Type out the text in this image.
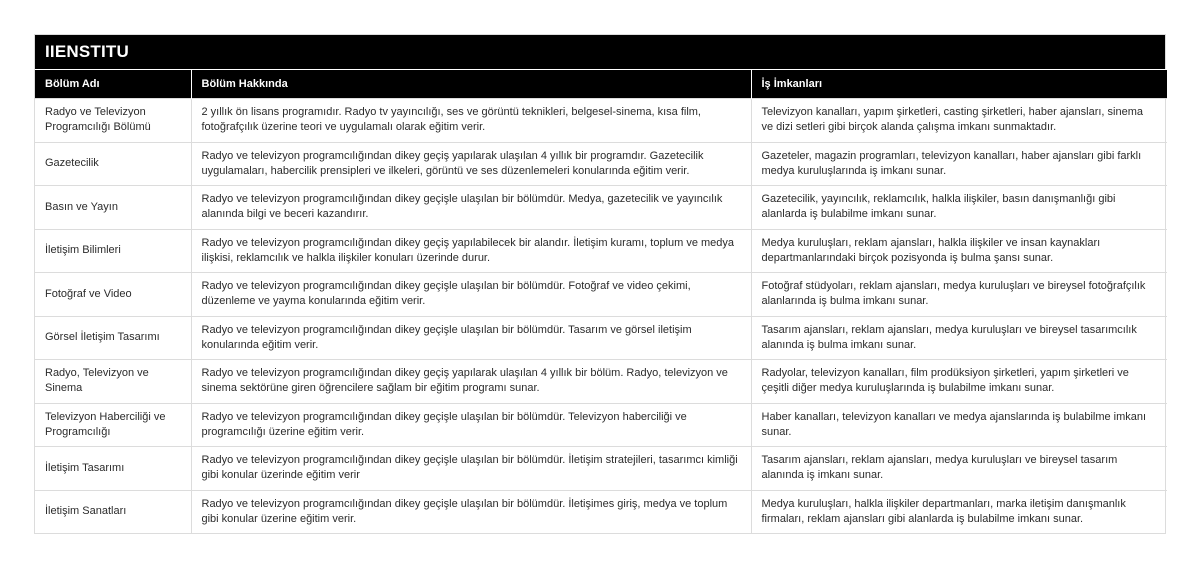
IIENSTITU
Bölüm Adı	Bölüm Hakkında	İş İmkanları
Radyo ve Televizyon Programcılığı Bölümü	2 yıllık ön lisans programıdır. Radyo tv yayıncılığı, ses ve görüntü teknikleri, belgesel-sinema, kısa film, fotoğrafçılık üzerine teori ve uygulamalı olarak eğitim verir.	Televizyon kanalları, yapım şirketleri, casting şirketleri, haber ajansları, sinema ve dizi setleri gibi birçok alanda çalışma imkanı sunmaktadır.
Gazetecilik	Radyo ve televizyon programcılığından dikey geçiş yapılarak ulaşılan 4 yıllık bir programdır. Gazetecilik uygulamaları, habercilik prensipleri ve ilkeleri, görüntü ve ses düzenlemeleri konularında eğitim verir.	Gazeteler, magazin programları, televizyon kanalları, haber ajansları gibi farklı medya kuruluşlarında iş imkanı sunar.
Basın ve Yayın	Radyo ve televizyon programcılığından dikey geçişle ulaşılan bir bölümdür. Medya, gazetecilik ve yayıncılık alanında bilgi ve beceri kazandırır.	Gazetecilik, yayıncılık, reklamcılık, halkla ilişkiler, basın danışmanlığı gibi alanlarda iş bulabilme imkanı sunar.
İletişim Bilimleri	Radyo ve televizyon programcılığından dikey geçiş yapılabilecek bir alandır. İletişim kuramı, toplum ve medya ilişkisi, reklamcılık ve halkla ilişkiler konuları üzerinde durur.	Medya kuruluşları, reklam ajansları, halkla ilişkiler ve insan kaynakları departmanlarındaki birçok pozisyonda iş bulma şansı sunar.
Fotoğraf ve Video	Radyo ve televizyon programcılığından dikey geçişle ulaşılan bir bölümdür. Fotoğraf ve video çekimi, düzenleme ve yayma konularında eğitim verir.	Fotoğraf stüdyoları, reklam ajansları, medya kuruluşları ve bireysel fotoğrafçılık alanlarında iş bulma imkanı sunar.
Görsel İletişim Tasarımı	Radyo ve televizyon programcılığından dikey geçişle ulaşılan bir bölümdür. Tasarım ve görsel iletişim konularında eğitim verir.	Tasarım ajansları, reklam ajansları, medya kuruluşları ve bireysel tasarımcılık alanında iş bulma imkanı sunar.
Radyo, Televizyon ve Sinema	Radyo ve televizyon programcılığından dikey geçiş yapılarak ulaşılan 4 yıllık bir bölüm. Radyo, televizyon ve sinema sektörüne giren öğrencilere sağlam bir eğitim programı sunar.	Radyolar, televizyon kanalları, film prodüksiyon şirketleri, yapım şirketleri ve çeşitli diğer medya kuruluşlarında iş bulabilme imkanı sunar.
Televizyon Haberciliği ve Programcılığı	Radyo ve televizyon programcılığından dikey geçişle ulaşılan bir bölümdür. Televizyon haberciliği ve programcılığı üzerine eğitim verir.	Haber kanalları, televizyon kanalları ve medya ajanslarında iş bulabilme imkanı sunar.
İletişim Tasarımı	Radyo ve televizyon programcılığından dikey geçişle ulaşılan bir bölümdür. İletişim stratejileri, tasarımcı kimliği gibi konular üzerinde eğitim verir	Tasarım ajansları, reklam ajansları, medya kuruluşları ve bireysel tasarım alanında iş imkanı sunar.
İletişim Sanatları	Radyo ve televizyon programcılığından dikey geçişle ulaşılan bir bölümdür. İletişimes giriş, medya ve toplum gibi konular üzerine eğitim verir.	Medya kuruluşları, halkla ilişkiler departmanları, marka iletişim danışmanlık firmaları, reklam ajansları gibi alanlarda iş bulabilme imkanı sunar.
